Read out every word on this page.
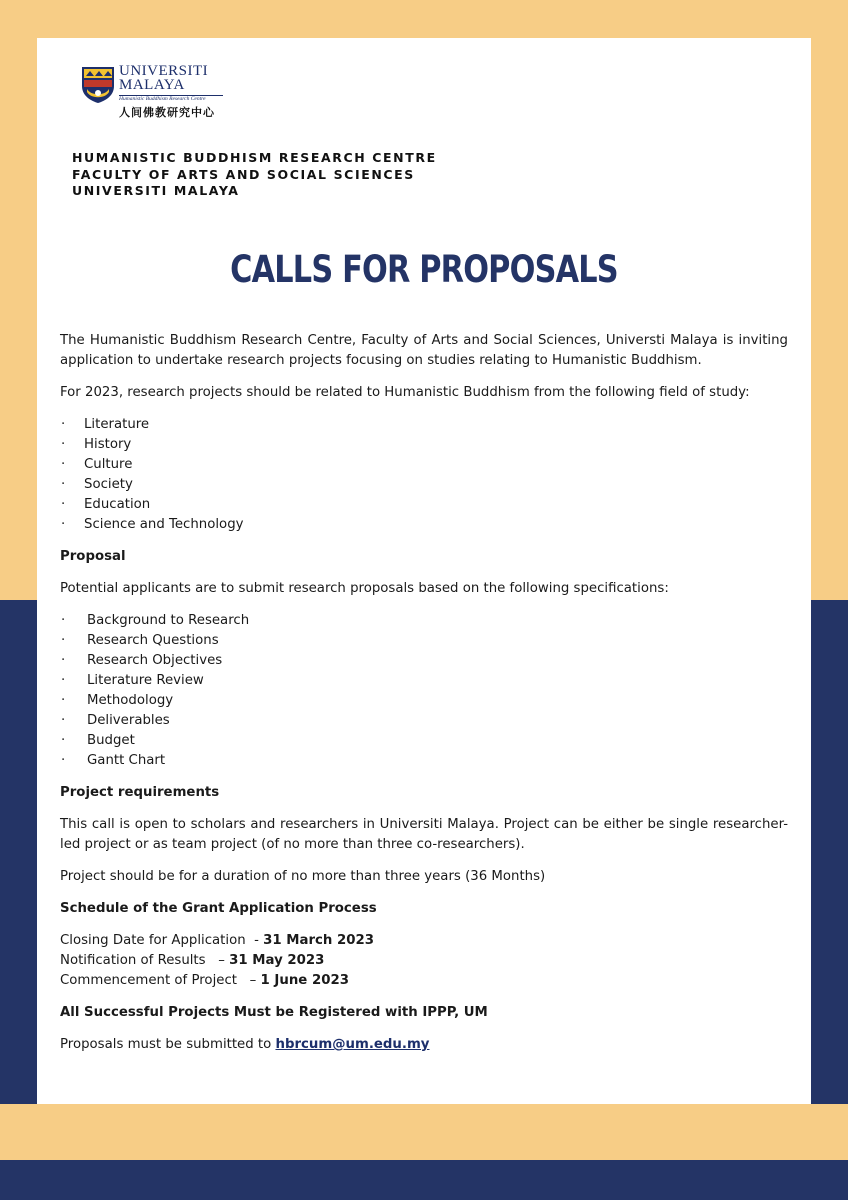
UNIVERSITI
MALAYA
Humanistic Buddhism Research Centre
人间佛教研究中心
HUMANISTIC BUDDHISM RESEARCH CENTRE
FACULTY OF ARTS AND SOCIAL SCIENCES
UNIVERSITI MALAYA
CALLS FOR PROPOSALS

The Humanistic Buddhism Research Centre, Faculty of Arts and Social Sciences, Universti Malaya is inviting application to undertake research projects focusing on studies relating to Humanistic Buddhism.

For 2023, research projects should be related to Humanistic Buddhism from the following field of study:

· Literature
· History
· Culture
· Society
· Education
· Science and Technology

Proposal

Potential applicants are to submit research proposals based on the following specifications:

· Background to Research
· Research Questions
· Research Objectives
· Literature Review
· Methodology
· Deliverables
· Budget
· Gantt Chart

Project requirements

This call is open to scholars and researchers in Universiti Malaya. Project can be either be single researcher-led project or as team project (of no more than three co-researchers).

Project should be for a duration of no more than three years (36 Months)

Schedule of the Grant Application Process

Closing Date for Application  - 31 March 2023
Notification of Results   – 31 May 2023
Commencement of Project   – 1 June 2023

All Successful Projects Must be Registered with IPPP, UM

Proposals must be submitted to hbrcum@um.edu.my
